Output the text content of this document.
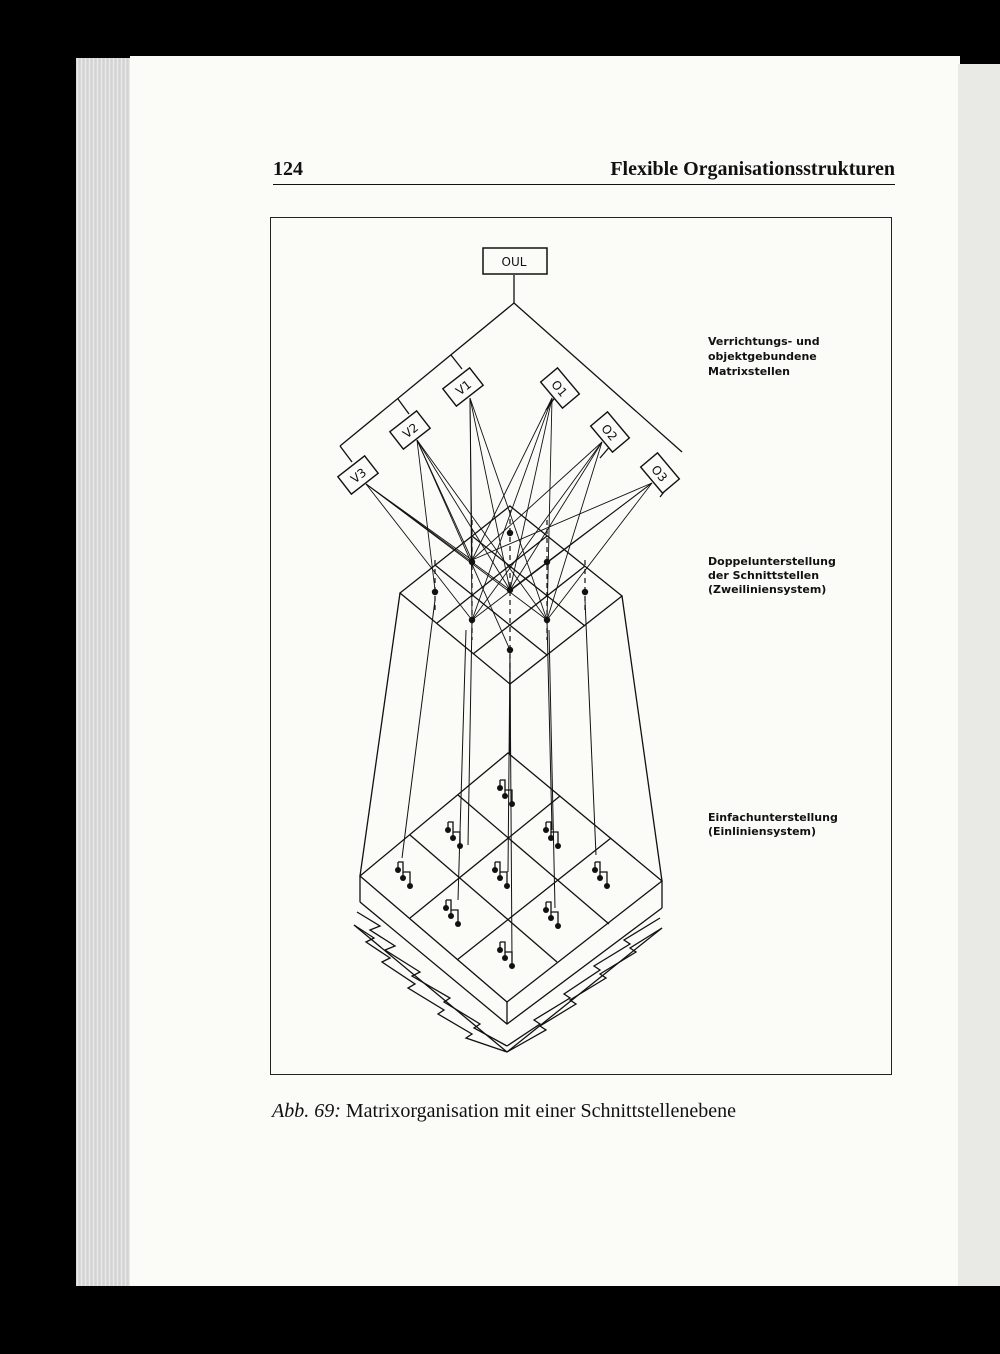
124	Flexible Organisationsstrukturen
OUL
V1
V2
V3
O1
O2
O3
Verrichtungs- und
objektgebundene
Matrixstellen
Doppelunterstellung
der Schnittstellen
(Zweiliniensystem)
Einfachunterstellung
(Einliniensystem)
Abb. 69: Matrixorganisation mit einer Schnittstellenebene
